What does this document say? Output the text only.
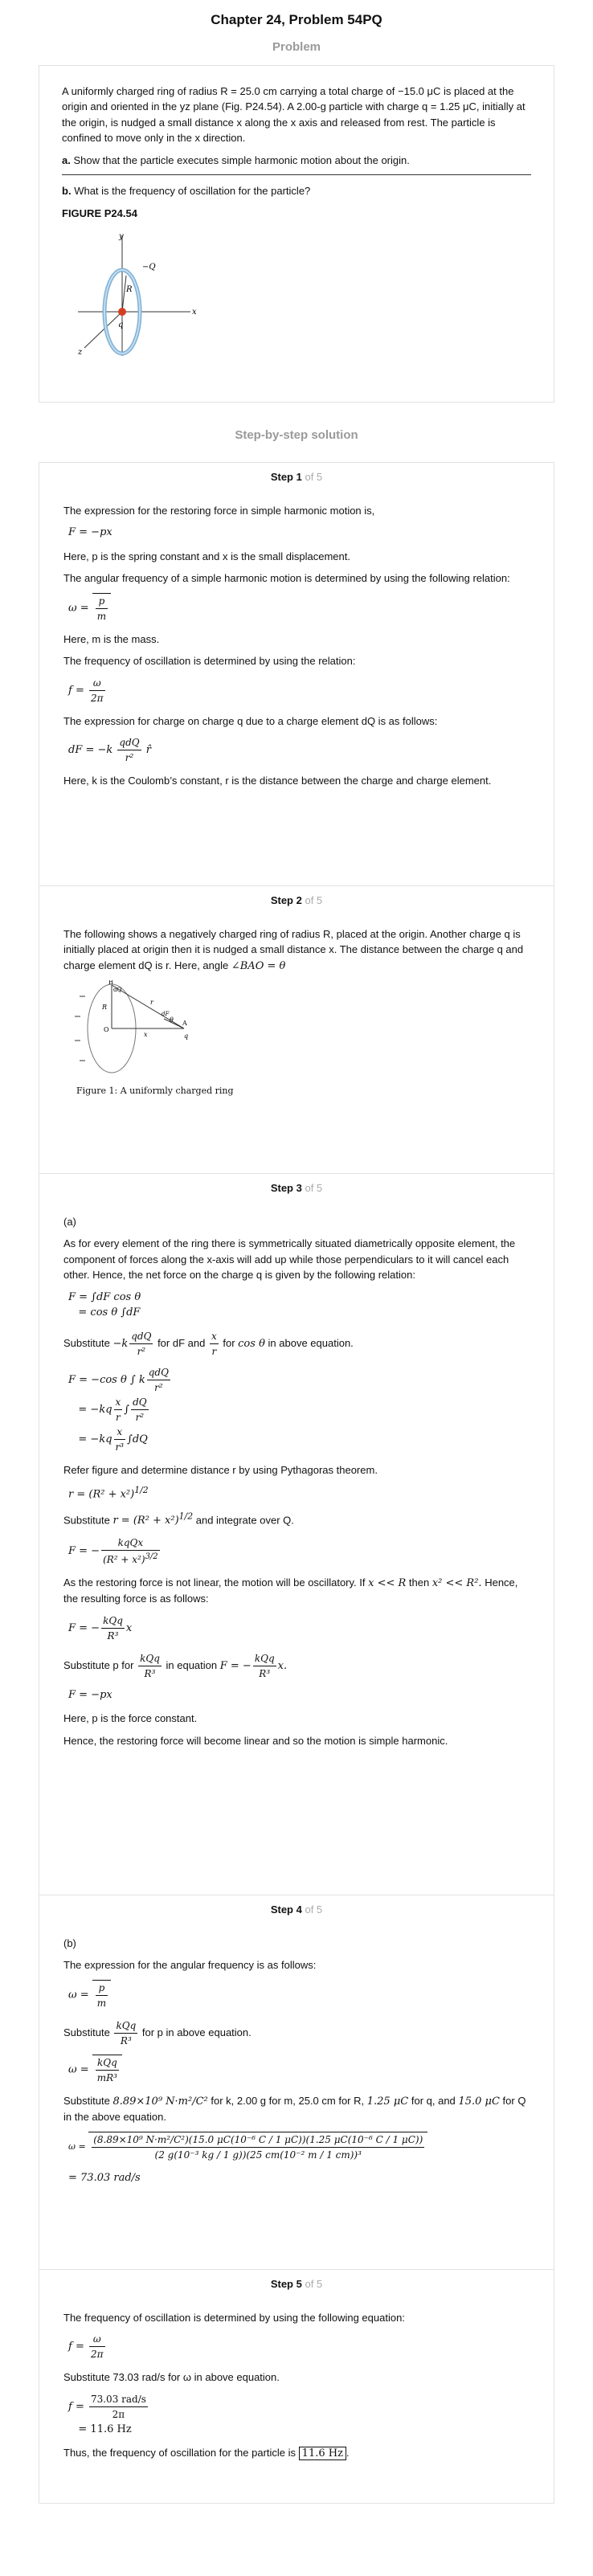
Chapter 24, Problem 54PQ
Problem

A uniformly charged ring of radius R = 25.0 cm carrying a total charge of −15.0 μC is placed at the origin and oriented in the yz plane (Fig. P24.54). A 2.00-g particle with charge q = 1.25 μC, initially at the origin, is nudged a small distance x along the x axis and released from rest. The particle is confined to move only in the x direction.

a. Show that the particle executes simple harmonic motion about the origin.

b. What is the frequency of oscillation for the particle?

FIGURE P24.54

y
−Q
R
q
x
z
Step-by-step solution
Step 1 of 5

The expression for the restoring force in simple harmonic motion is,

F = −px

Here, p is the spring constant and x is the small displacement.

The angular frequency of a simple harmonic motion is determined by using the following relation:

$\omega = \frac{p}{m}$

Here, m is the mass.

The frequency of oscillation is determined by using the relation:

$f = \frac{\omega}{2\pi}$

The expression for charge on charge q due to a charge element dQ is as follows:

dF = $-k \frac{\text{qdQ}}{\text{r²}}$ r̂

Here, k is the Coulomb’s constant, r is the distance between the charge and charge element.

Step 2 of 5

The following shows a negatively charged ring of radius R, placed at the origin. Another charge q is initially placed at origin then it is nudged a small distance x. The distance between the charge q and charge element dQ is r. Here, angle ∠BAO = θ

B
dQ
r
R
O
A
q
x
θ
dF
Figure 1: A uniformly charged ring
Step 3 of 5

(a)

As for every element of the ring there is symmetrically situated diametrically opposite element, the component of forces along the x-axis will add up while those perpendiculars to it will cancel each other. Hence, the net force on the charge q is given by the following relation:

F = ∫dF cos θ
= cos θ ∫dF

Substitute $-k \frac{\text{qdQ}}{\text{r²}}$ for dF and $\frac{x}{r}$ for cos θ in above equation.

F = −cos θ ∫ k $\frac{\text{qdQ}}{\text{r²}}$

= $-kq \frac{x}{r}$ ∫ $\frac{dQ}{\text{r²}}$

= $-kq \frac{x}{\text{r³}} \int dQ$

Refer figure and determine distance r by using Pythagoras theorem.

$r = (R^2 + x^2)^{1/2}$

Substitute $r = (R^2 + x^2)^{1/2}$ and integrate over Q.

F = − $\frac{\text{kqQx}}{(R^2 + x^2)^{3/2}}$

As the restoring force is not linear, the motion will be oscillatory. If x << R then x² << R². Hence, the resulting force is as follows:

F = − $\frac{\text{kQq}}{\text{R³}}$ x

Substitute p for $\frac{\text{kQq}}{\text{R³}}$ in equation F = − $\frac{\text{kQq}}{\text{R³}} x$.

F = −px

Here, p is the force constant.

Hence, the restoring force will become linear and so the motion is simple harmonic.

Step 4 of 5

(b)

The expression for the angular frequency is as follows:

$\omega = \frac{p}{m}$

Substitute $\frac{\text{kQq}}{\text{R³}}$ for p in above equation.

$\omega = \frac{\text{kQq}}{\text{mR³}}$

Substitute 8.89×10⁹ N·m²/C² for k, 2.00 g for m, 25.0 cm for R, 1.25 μC for q, and 15.0 μC for Q in the above equation.

ω =
(8.89×10⁹ N·m²/C²)(15.0 μC(10⁻⁶ C / 1 μC))(1.25 μC(10⁻⁶ C / 1 μC))
(2 g(10⁻³ kg / 1 g))(25 cm(10⁻² m / 1 cm))³
= 73.03 rad/s
Step 5 of 5

The frequency of oscillation is determined by using the following equation:

$f = \frac{\omega}{2\pi}$

Substitute 73.03 rad/s for ω in above equation.

$f = \frac{\text{73.03 rad/s}}{2\pi}$

= 11.6 Hz

Thus, the frequency of oscillation for the particle is 11.6 Hz .
